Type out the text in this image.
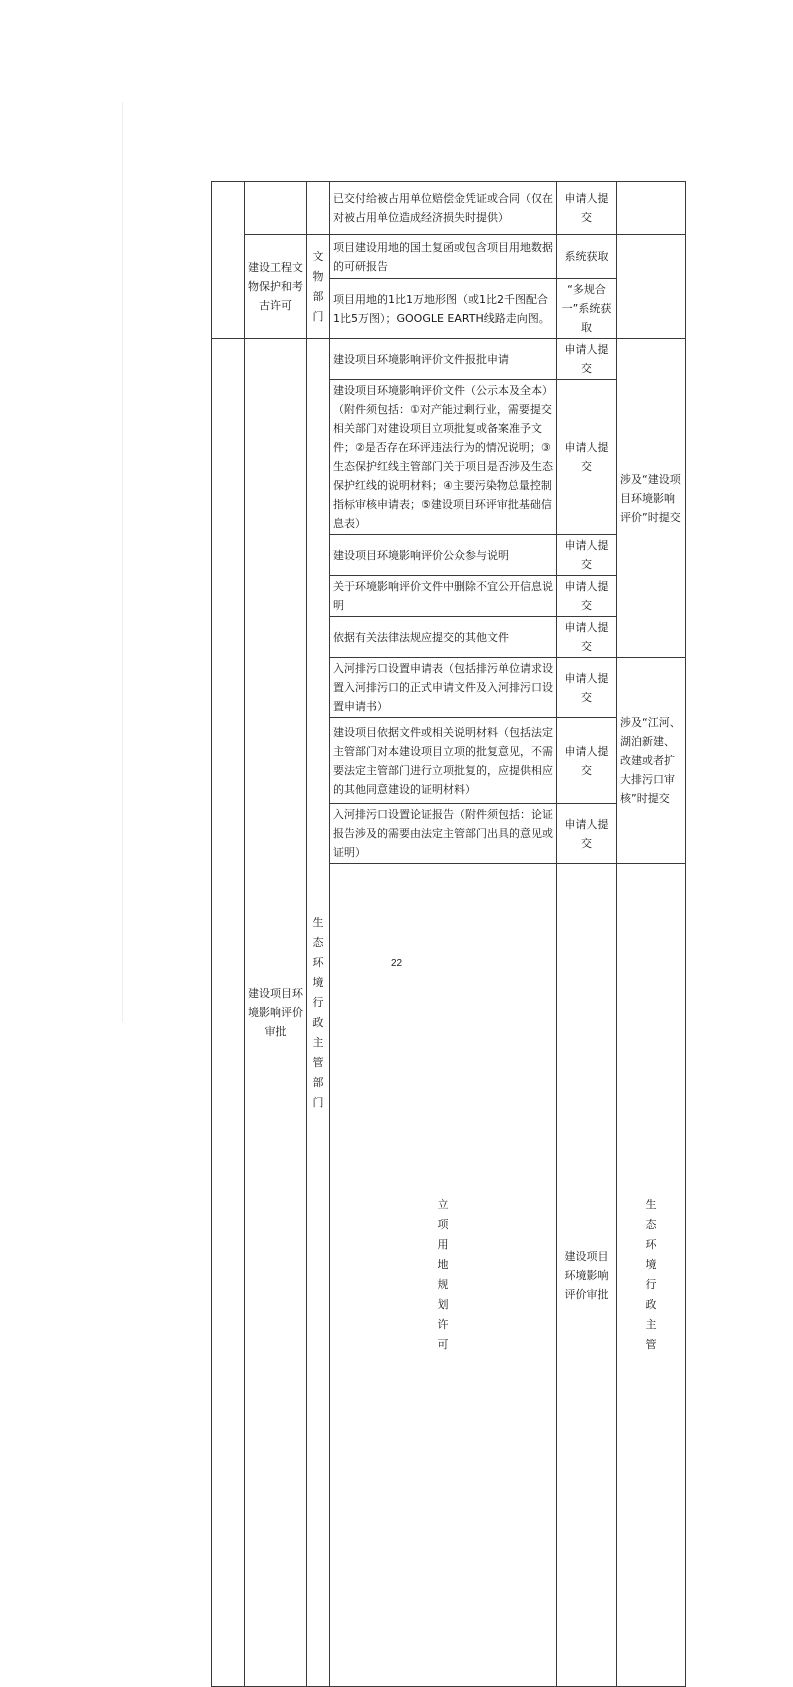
			已交付给被占用单位赔偿金凭证或合同（仅在对被占用单位造成经济损失时提供）	申请人提交		
	建设工程文物保护和考古许可	文物部门	项目建设用地的国土复函或包含项目用地数据的可研报告	系统获取		
			项目用地的1比1万地形图（或1比2千图配合1比5万图）；GOOGLE EARTH线路走向图。	“多规合一”系统获取		
	建设项目环境影响评价审批	生态环境行政主管部门	建设项目环境影响评价文件报批申请	申请人提交	涉及“建设项目环境影响评价”时提交	
			建设项目环境影响评价文件（公示本及全本）（附件须包括：①对产能过剩行业，需要提交相关部门对建设项目立项批复或备案准予文件；②是否存在环评违法行为的情况说明；③生态保护红线主管部门关于项目是否涉及生态保护红线的说明材料；④主要污染物总量控制指标审核申请表；⑤建设项目环评审批基础信息表）	申请人提交		
			建设项目环境影响评价公众参与说明	申请人提交		
			关于环境影响评价文件中删除不宜公开信息说明	申请人提交		
			依据有关法律法规应提交的其他文件	申请人提交		
			入河排污口设置申请表（包括排污单位请求设置入河排污口的正式申请文件及入河排污口设置申请书）	申请人提交	涉及“江河、湖泊新建、改建或者扩大排污口审核”时提交	
			建设项目依据文件或相关说明材料（包括法定主管部门对本建设项目立项的批复意见，不需要法定主管部门进行立项批复的，应提供相应的其他同意建设的证明材料）	申请人提交		
			入河排污口设置论证报告（附件须包括：论证报告涉及的需要由法定主管部门出具的意见或证明）	申请人提交		

			立项用地规划许可	建设项目环境影响评价审批	生态环境行政主管

22
